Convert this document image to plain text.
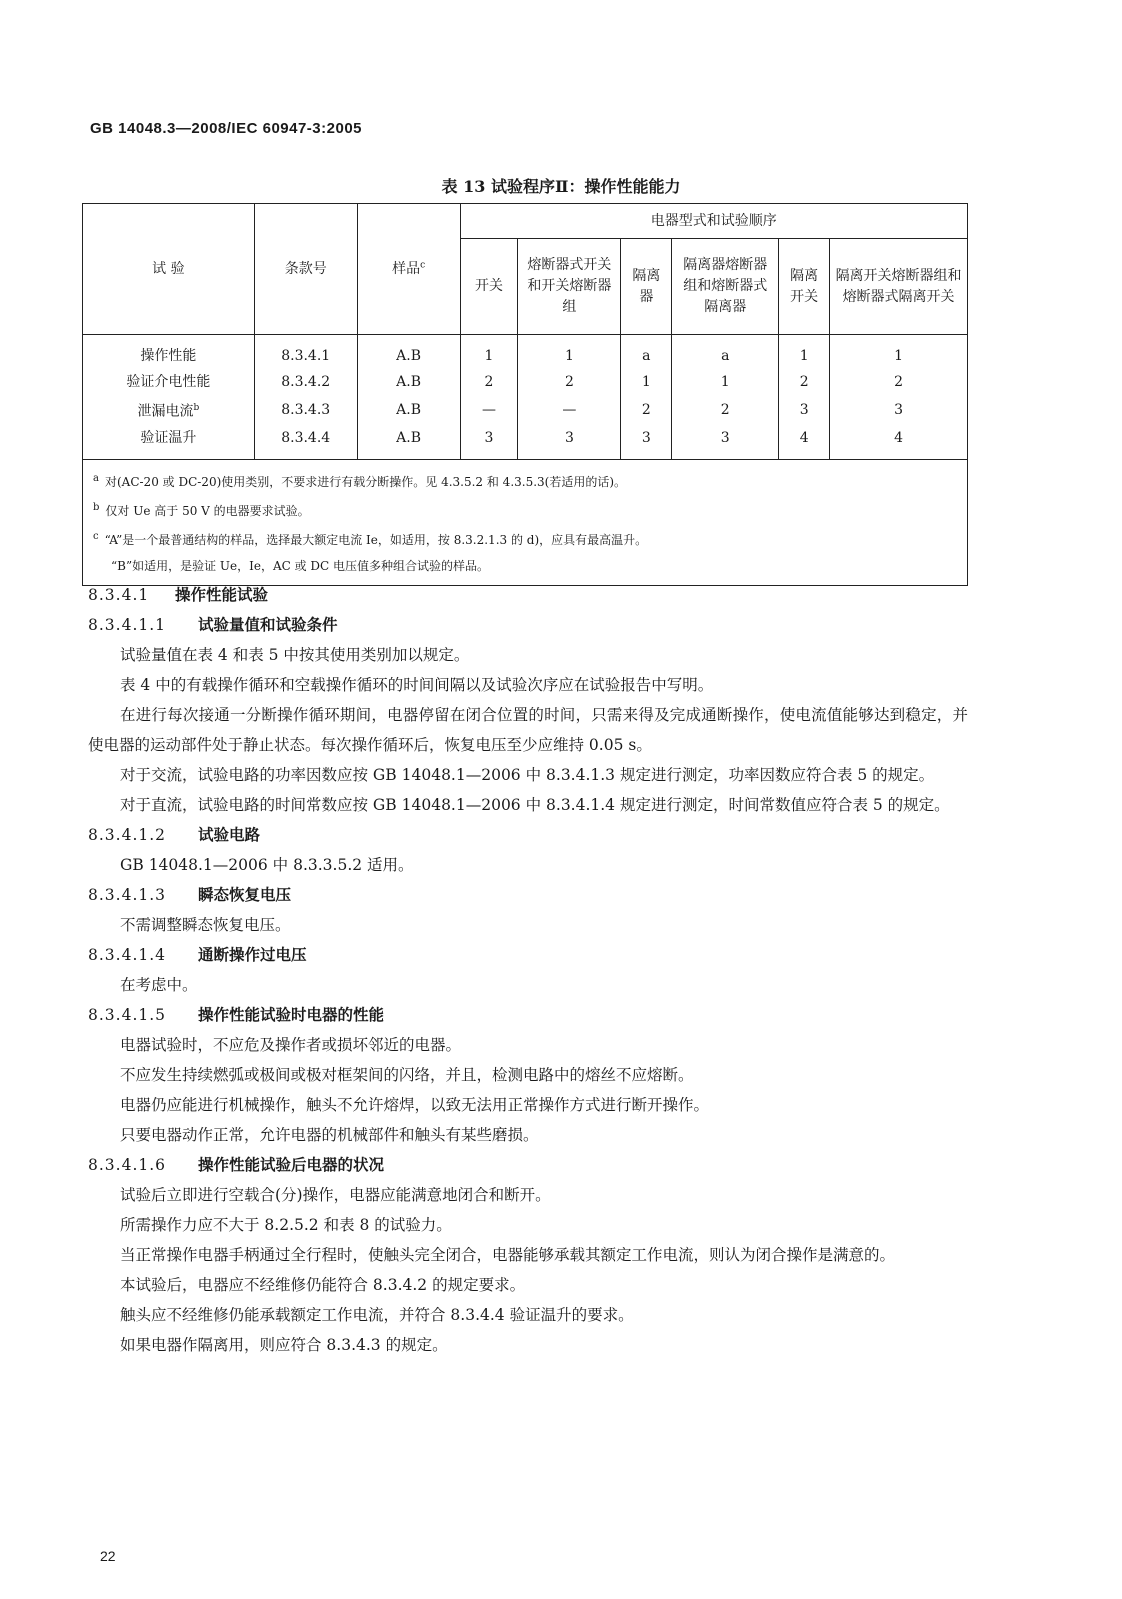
GB 14048.3—2008/IEC 60947-3:2005
表 13 试验程序Ⅱ：操作性能能力
试 验	条款号	样品$^c$	电器型式和试验顺序					
			开关	熔断器式开关和开关熔断器组	隔离器	隔离器熔断器组和熔断器式隔离器	隔离开关	隔离开关熔断器组和熔断器式隔离开关
操作性能	8.3.4.1	A.B	1	1	a	a	1	1
验证介电性能	8.3.4.2	A.B	2	2	1	1	2	2
泄漏电流$^b$	8.3.4.3	A.B	—	—	2	2	3	3
验证温升	8.3.4.4	A.B	3	3	3	3	4	4

$^a$ 对(AC-20 或 DC-20)使用类别，不要求进行有载分断操作。见 4.3.5.2 和 4.3.5.3(若适用的话)。
$^b$ 仅对 Ue 高于 50 V 的电器要求试验。
$^c$ “A”是一个最普通结构的样品，选择最大额定电流 Ie，如适用，按 8.3.2.1.3 的 d)，应具有最高温升。
“B”如适用，是验证 Ue，Ie，AC 或 DC 电压值多种组合试验的样品。								
8.3.4.1 操作性能试验
8.3.4.1.1 试验量值和试验条件
试验量值在表 4 和表 5 中按其使用类别加以规定。
表 4 中的有载操作循环和空载操作循环的时间间隔以及试验次序应在试验报告中写明。
在进行每次接通一分断操作循环期间，电器停留在闭合位置的时间，只需来得及完成通断操作，使电流值能够达到稳定，并使电器的运动部件处于静止状态。每次操作循环后，恢复电压至少应维持 0.05 s。
对于交流，试验电路的功率因数应按 GB 14048.1—2006 中 8.3.4.1.3 规定进行测定，功率因数应符合表 5 的规定。
对于直流，试验电路的时间常数应按 GB 14048.1—2006 中 8.3.4.1.4 规定进行测定，时间常数值应符合表 5 的规定。
8.3.4.1.2 试验电路
GB 14048.1—2006 中 8.3.3.5.2 适用。
8.3.4.1.3 瞬态恢复电压
不需调整瞬态恢复电压。
8.3.4.1.4 通断操作过电压
在考虑中。
8.3.4.1.5 操作性能试验时电器的性能
电器试验时，不应危及操作者或损坏邻近的电器。
不应发生持续燃弧或极间或极对框架间的闪络，并且，检测电路中的熔丝不应熔断。
电器仍应能进行机械操作，触头不允许熔焊，以致无法用正常操作方式进行断开操作。
只要电器动作正常，允许电器的机械部件和触头有某些磨损。
8.3.4.1.6 操作性能试验后电器的状况
试验后立即进行空载合(分)操作，电器应能满意地闭合和断开。
所需操作力应不大于 8.2.5.2 和表 8 的试验力。
当正常操作电器手柄通过全行程时，使触头完全闭合，电器能够承载其额定工作电流，则认为闭合操作是满意的。
本试验后，电器应不经维修仍能符合 8.3.4.2 的规定要求。
触头应不经维修仍能承载额定工作电流，并符合 8.3.4.4 验证温升的要求。
如果电器作隔离用，则应符合 8.3.4.3 的规定。
22
